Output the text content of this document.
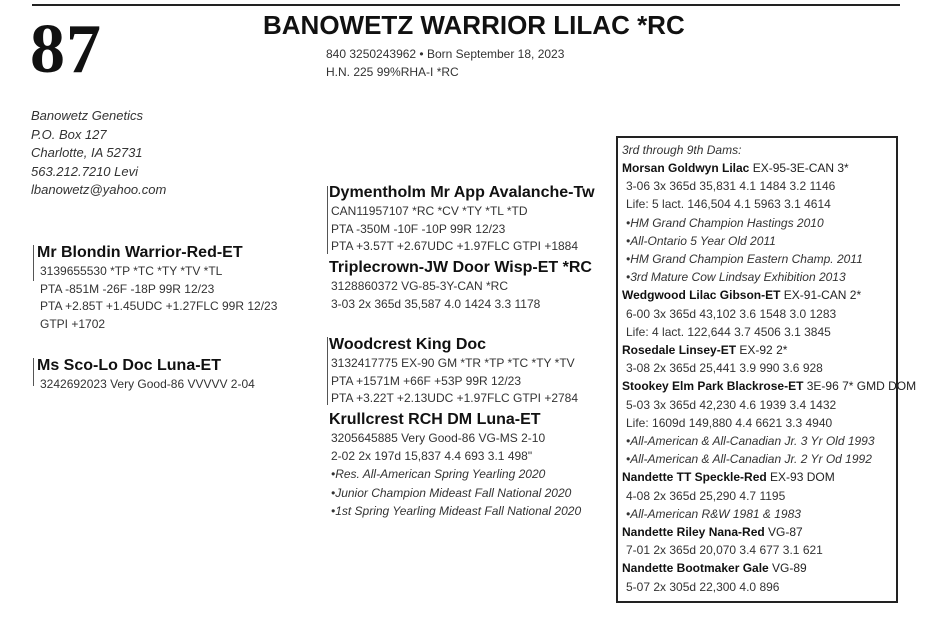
87	BANOWETZ WARRIOR LILAC *RC
840 3250243962 • Born September 18, 2023
H.N. 225 99%RHA-I *RC
Banowetz Genetics
P.O. Box 127
Charlotte, IA 52731
563.212.7210 Levi
lbanowetz@yahoo.com
Mr Blondin Warrior-Red-ET
3139655530 *TP *TC *TY *TV *TL
PTA -851M -26F -18P 99R 12/23
PTA +2.85T +1.45UDC +1.27FLC 99R 12/23
GTPI +1702
Ms Sco-Lo Doc Luna-ET
3242692023 Very Good-86 VVVVV 2-04
Dymentholm Mr App Avalanche-Tw
CAN11957107 *RC *CV *TY *TL *TD
PTA -350M -10F -10P 99R 12/23
PTA +3.57T +2.67UDC +1.97FLC GTPI +1884
Triplecrown-JW Door Wisp-ET *RC
3128860372 VG-85-3Y-CAN *RC
3-03 2x 365d 35,587 4.0 1424 3.3 1178
Woodcrest King Doc
3132417775 EX-90 GM *TR *TP *TC *TY *TV
PTA +1571M +66F +53P 99R 12/23
PTA +3.22T +2.13UDC +1.97FLC GTPI +2784
Krullcrest RCH DM Luna-ET
3205645885 Very Good-86 VG-MS 2-10
2-02 2x 197d 15,837 4.4 693 3.1 498"
•Res. All-American Spring Yearling 2020
•Junior Champion Mideast Fall National 2020
•1st Spring Yearling Mideast Fall National 2020
3rd through 9th Dams:
Morsan Goldwyn Lilac EX-95-3E-CAN 3*
3-06 3x 365d 35,831 4.1 1484 3.2 1146
Life: 5 lact. 146,504 4.1 5963 3.1 4614
•HM Grand Champion Hastings 2010
•All-Ontario 5 Year Old 2011
•HM Grand Champion Eastern Champ. 2011
•3rd Mature Cow Lindsay Exhibition 2013
Wedgwood Lilac Gibson-ET EX-91-CAN 2*
6-00 3x 365d 43,102 3.6 1548 3.0 1283
Life: 4 lact. 122,644 3.7 4506 3.1 3845
Rosedale Linsey-ET EX-92 2*
3-08 2x 365d 25,441 3.9 990 3.6 928
Stookey Elm Park Blackrose-ET 3E-96 7* GMD DOM
5-03 3x 365d 42,230 4.6 1939 3.4 1432
Life: 1609d 149,880 4.4 6621 3.3 4940
•All-American & All-Canadian Jr. 3 Yr Old 1993
•All-American & All-Canadian Jr. 2 Yr Od 1992
Nandette TT Speckle-Red EX-93 DOM
4-08 2x 365d 25,290 4.7 1195
•All-American R&W 1981 & 1983
Nandette Riley Nana-Red VG-87
7-01 2x 365d 20,070 3.4 677 3.1 621
Nandette Bootmaker Gale VG-89
5-07 2x 305d 22,300 4.0 896
